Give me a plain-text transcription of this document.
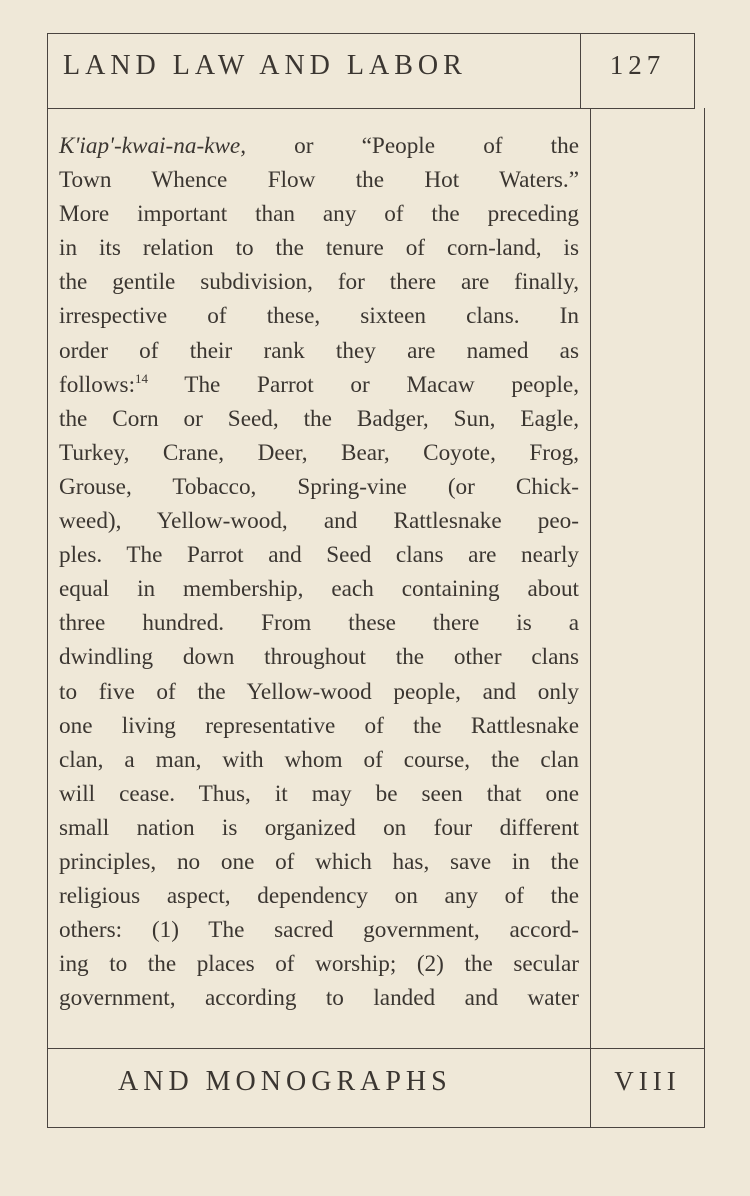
LAND LAW AND LABOR	127
K'iap'-kwai-na-kwe, or “People of the
Town Whence Flow the Hot Waters.”
More important than any of the preceding
in its relation to the tenure of corn-land, is
the gentile subdivision, for there are finally,
irrespective of these, sixteen clans. In
order of their rank they are named as
follows:$^{14}$ The Parrot or Macaw people,
the Corn or Seed, the Badger, Sun, Eagle,
Turkey, Crane, Deer, Bear, Coyote, Frog,
Grouse, Tobacco, Spring-vine (or Chick-
weed), Yellow-wood, and Rattlesnake peo-
ples. The Parrot and Seed clans are nearly
equal in membership, each containing about
three hundred. From these there is a
dwindling down throughout the other clans
to five of the Yellow-wood people, and only
one living representative of the Rattlesnake
clan, a man, with whom of course, the clan
will cease. Thus, it may be seen that one
small nation is organized on four different
principles, no one of which has, save in the
religious aspect, dependency on any of the
others: (1) The sacred government, accord-
ing to the places of worship; (2) the secular
government, according to landed and water
AND MONOGRAPHS	VIII
